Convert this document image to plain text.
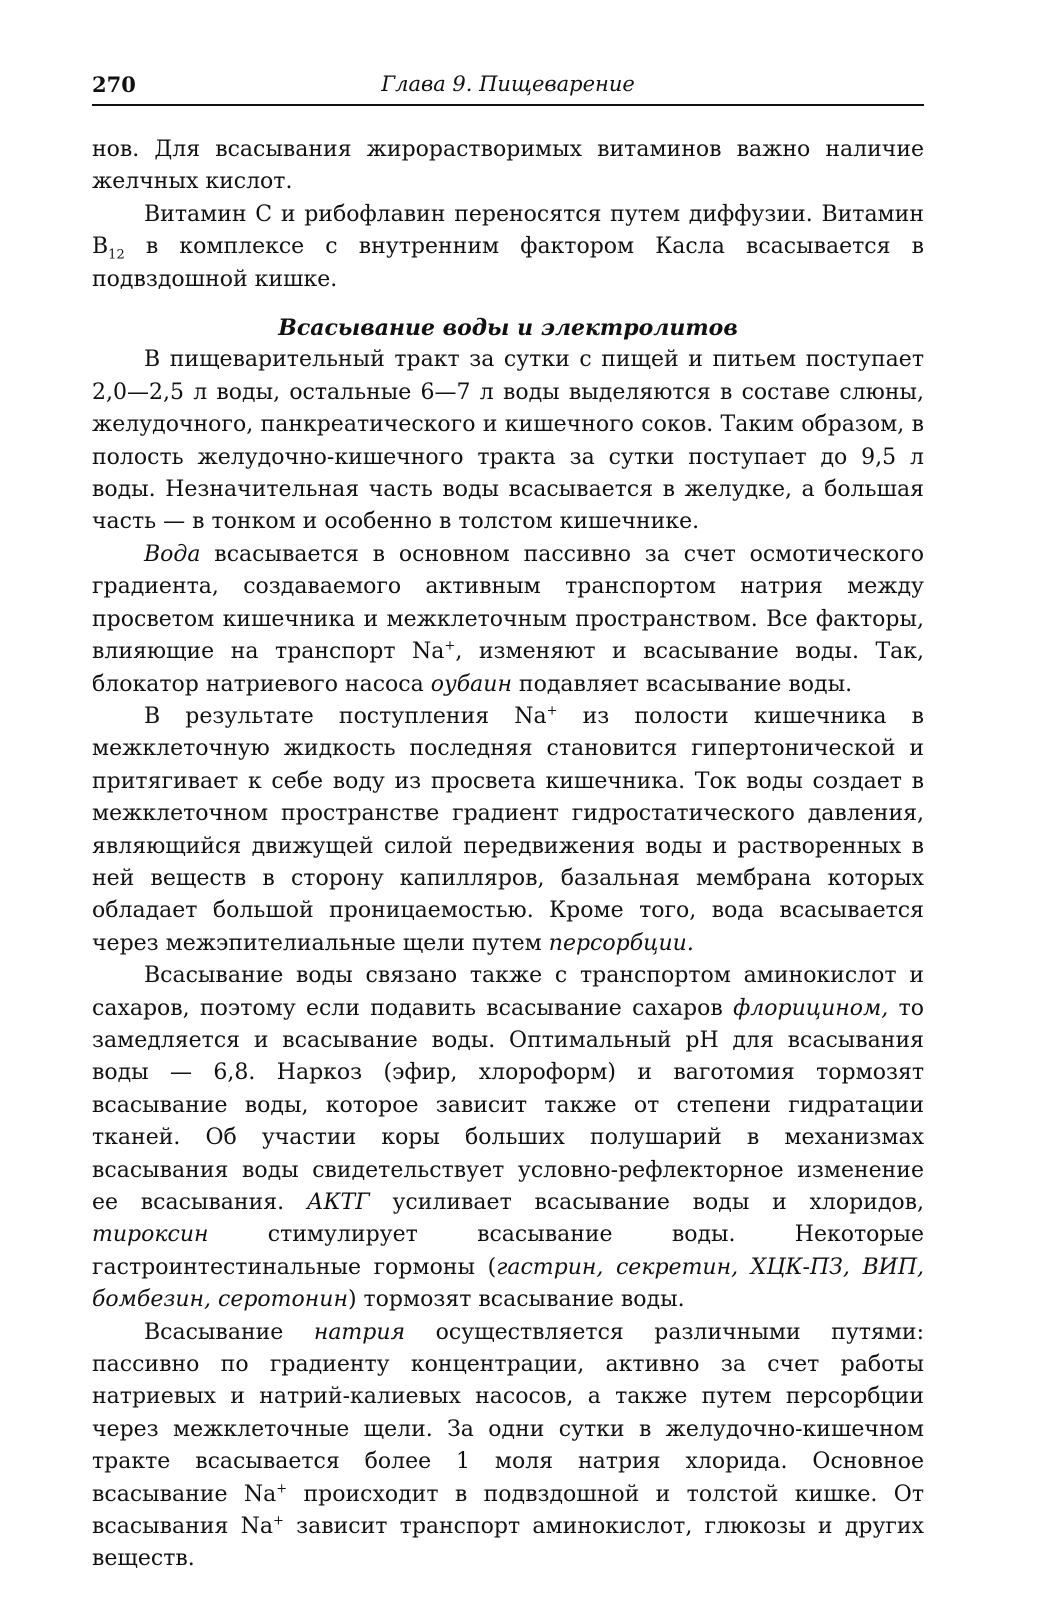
270	Глава 9. Пищеварение

нов. Для всасывания жирорастворимых витаминов важно наличие желчных кислот.

Витамин С и рибофлавин переносятся путем диффузии. Витамин $В_{12}$ в комплексе с внутренним фактором Касла всасывается в подвздошной кишке.

Всасывание воды и электролитов

В пищеварительный тракт за сутки с пищей и питьем поступает 2,0—2,5 л воды, остальные 6—7 л воды выделяются в составе слюны, желудочного, панкреатического и кишечного соков. Таким образом, в полость желудочно-кишечного тракта за сутки поступает до 9,5 л воды. Незначительная часть воды всасывается в желудке, а большая часть — в тонком и особенно в толстом кишечнике.

Вода всасывается в основном пассивно за счет осмотического градиента, создаваемого активным транспортом натрия между просветом кишечника и межклеточным пространством. Все факторы, влияющие на транспорт Na+, изменяют и всасывание воды. Так, блокатор натриевого насоса оубаин подавляет всасывание воды.

В результате поступления Na+ из полости кишечника в межклеточную жидкость последняя становится гипертонической и притягивает к себе воду из просвета кишечника. Ток воды создает в межклеточном пространстве градиент гидростатического давления, являющийся движущей силой передвижения воды и растворенных в ней веществ в сторону капилляров, базальная мембрана которых обладает большой проницаемостью. Кроме того, вода всасывается через межэпителиальные щели путем персорбции.

Всасывание воды связано также с транспортом аминокислот и сахаров, поэтому если подавить всасывание сахаров флорицином, то замедляется и всасывание воды. Оптимальный рН для всасывания воды — 6,8. Наркоз (эфир, хлороформ) и ваготомия тормозят всасывание воды, которое зависит также от степени гидратации тканей. Об участии коры больших полушарий в механизмах всасывания воды свидетельствует условно-рефлекторное изменение ее всасывания. АКТГ усиливает всасывание воды и хлоридов, тироксин стимулирует всасывание воды. Некоторые гастроинтестинальные гормоны (гастрин, секретин, ХЦК-ПЗ, ВИП, бомбезин, серотонин) тормозят всасывание воды.

Всасывание натрия осуществляется различными путями: пассивно по градиенту концентрации, активно за счет работы натриевых и натрий-калиевых насосов, а также путем персорбции через межклеточные щели. За одни сутки в желудочно-кишечном тракте всасывается более 1 моля натрия хлорида. Основное всасывание Na+ происходит в подвздошной и толстой кишке. От всасывания Na+ зависит транспорт аминокислот, глюкозы и других веществ.
